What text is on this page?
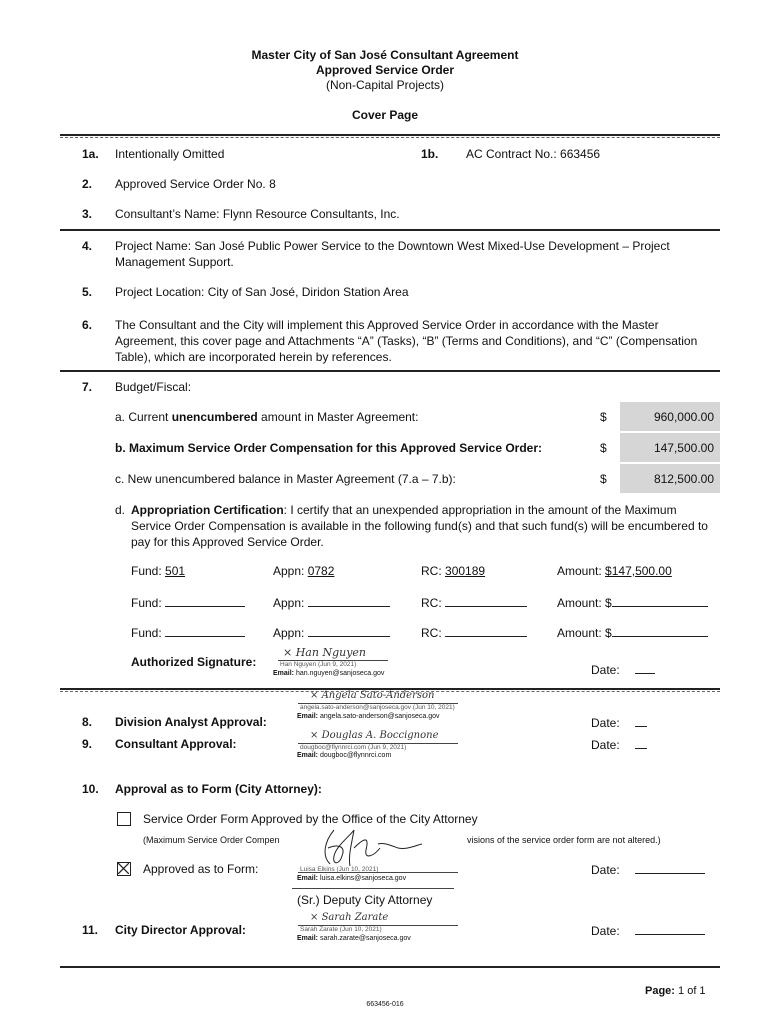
Master City of San José Consultant Agreement
Approved Service Order
(Non-Capital Projects)
Cover Page
1a. Intentionally Omitted	1b. AC Contract No.: 663456
2. Approved Service Order No. 8
3. Consultant’s Name: Flynn Resource Consultants, Inc.
4. Project Name: San José Public Power Service to the Downtown West Mixed-Use Development – Project Management Support.
5. Project Location: City of San José, Diridon Station Area
6. The Consultant and the City will implement this Approved Service Order in accordance with the Master Agreement, this cover page and Attachments “A” (Tasks), “B” (Terms and Conditions), and “C” (Compensation Table), which are incorporated herein by references.
7. Budget/Fiscal:
a. Current unencumbered amount in Master Agreement:	$	960,000.00
b. Maximum Service Order Compensation for this Approved Service Order:	$	147,500.00
c. New unencumbered balance in Master Agreement (7.a – 7.b):	$	812,500.00
d. Appropriation Certification: I certify that an unexpended appropriation in the amount of the Maximum Service Order Compensation is available in the following fund(s) and that such fund(s) will be encumbered to pay for this Approved Service Order.
Fund: 501	Appn: 0782	RC: 300189	Amount: $147,500.00
Fund:	Appn:	RC:	Amount: $
Fund:	Appn:	RC:	Amount: $
Authorized Signature:
× Han Nguyen
Han Nguyen (Jun 9, 2021)
Email: han.nguyen@sanjoseca.gov	Date:
× Angela Sato-Anderson
angela.sato-anderson@sanjoseca.gov (Jun 10, 2021)
Email: angela.sato-anderson@sanjoseca.gov
8. Division Analyst Approval:	Date:
× Douglas A. Boccignone
dougboc@flynnrci.com (Jun 9, 2021)
Email: dougboc@flynnrci.com
9. Consultant Approval:	Date:
10. Approval as to Form (City Attorney):
Service Order Form Approved by the Office of the City Attorney
(Maximum Service Order Compen	visions of the service order form are not altered.)
Approved as to Form:	Luisa Elkins (Jun 10, 2021)
Email: luisa.elkins@sanjoseca.gov
Date:
(Sr.) Deputy City Attorney
× Sarah Zarate
Sarah Zarate (Jun 10, 2021)
Email: sarah.zarate@sanjoseca.gov
11. City Director Approval:	Date:
Page: 1 of 1
663456-016
